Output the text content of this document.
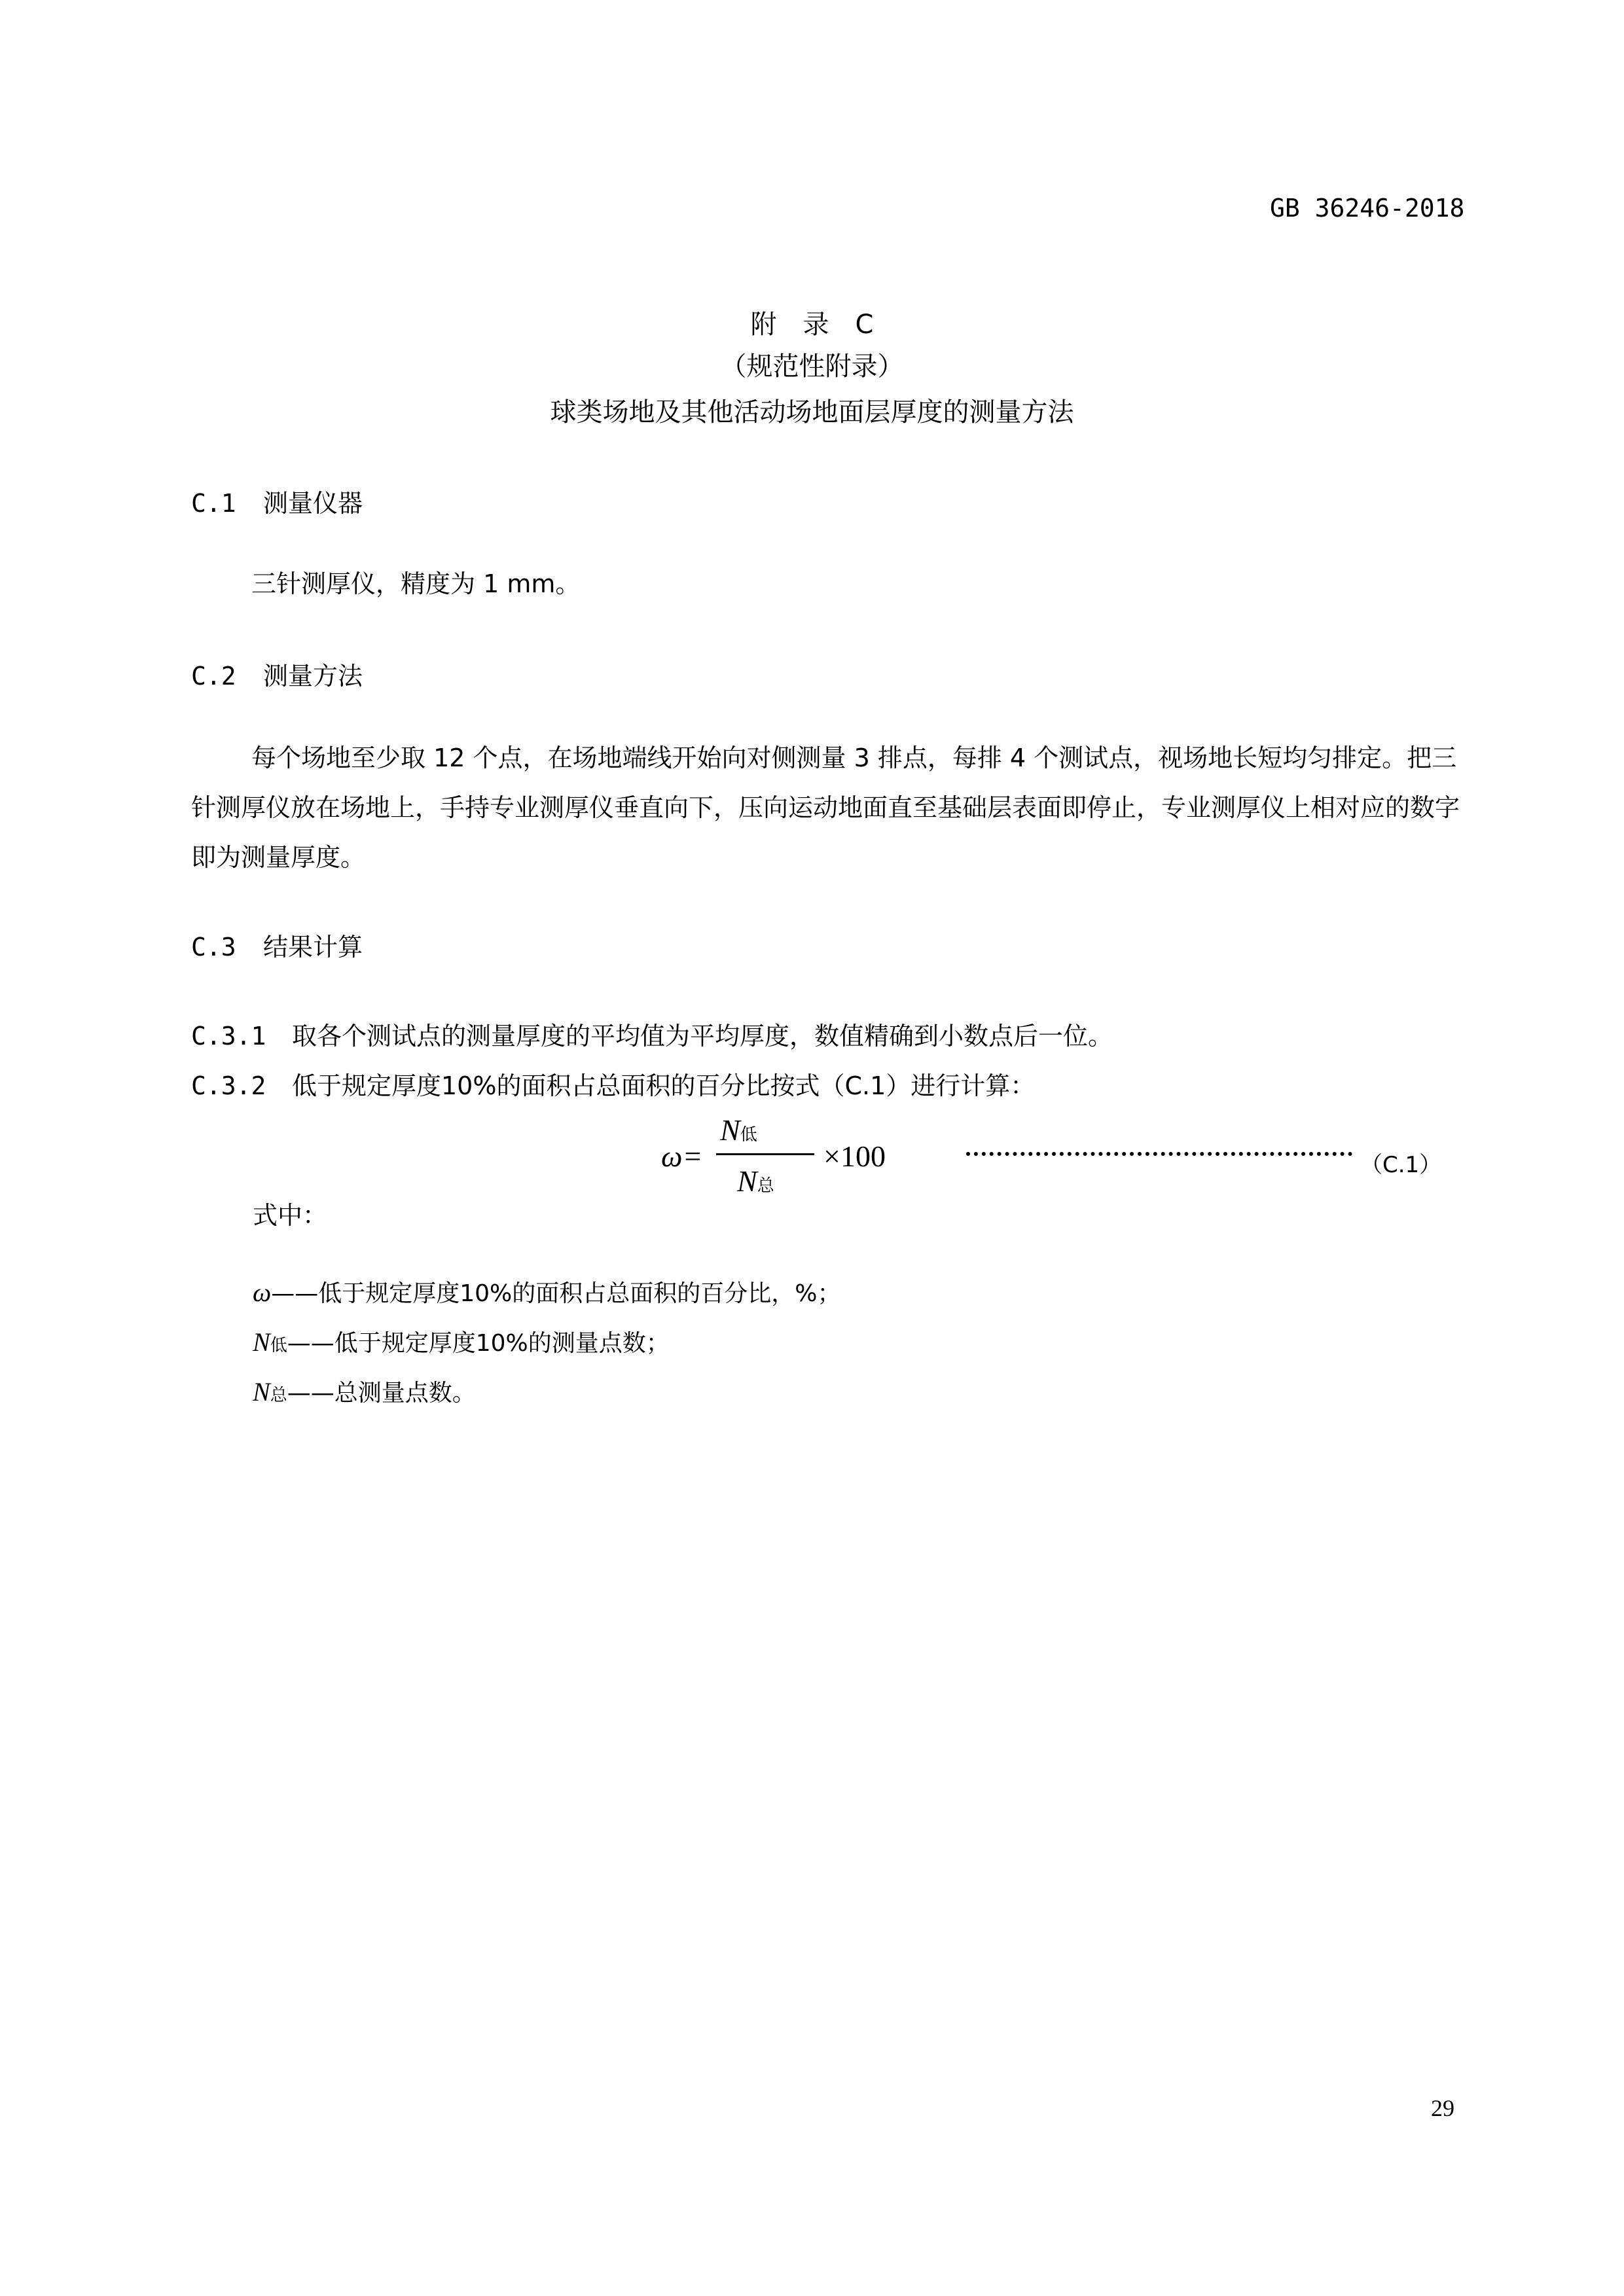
GB 36246-2018
附　录　C
（规范性附录）
球类场地及其他活动场地面层厚度的测量方法
C.1 测量仪器
三针测厚仪，精度为 1 mm。
C.2 测量方法
每个场地至少取 12 个点，在场地端线开始向对侧测量 3 排点，每排 4 个测试点，视场地长短均匀排定。把三针测厚仪放在场地上，手持专业测厚仪垂直向下，压向运动地面直至基础层表面即停止，专业测厚仪上相对应的数字即为测量厚度。
C.3 结果计算
C.3.1 取各个测试点的测量厚度的平均值为平均厚度，数值精确到小数点后一位。
C.3.2 低于规定厚度10%的面积占总面积的百分比按式（C.1）进行计算：
ω=
N低
N总
×100	（C.1）
式中：
ω——低于规定厚度10%的面积占总面积的百分比，%；
N低——低于规定厚度10%的测量点数；
N总——总测量点数。
29
